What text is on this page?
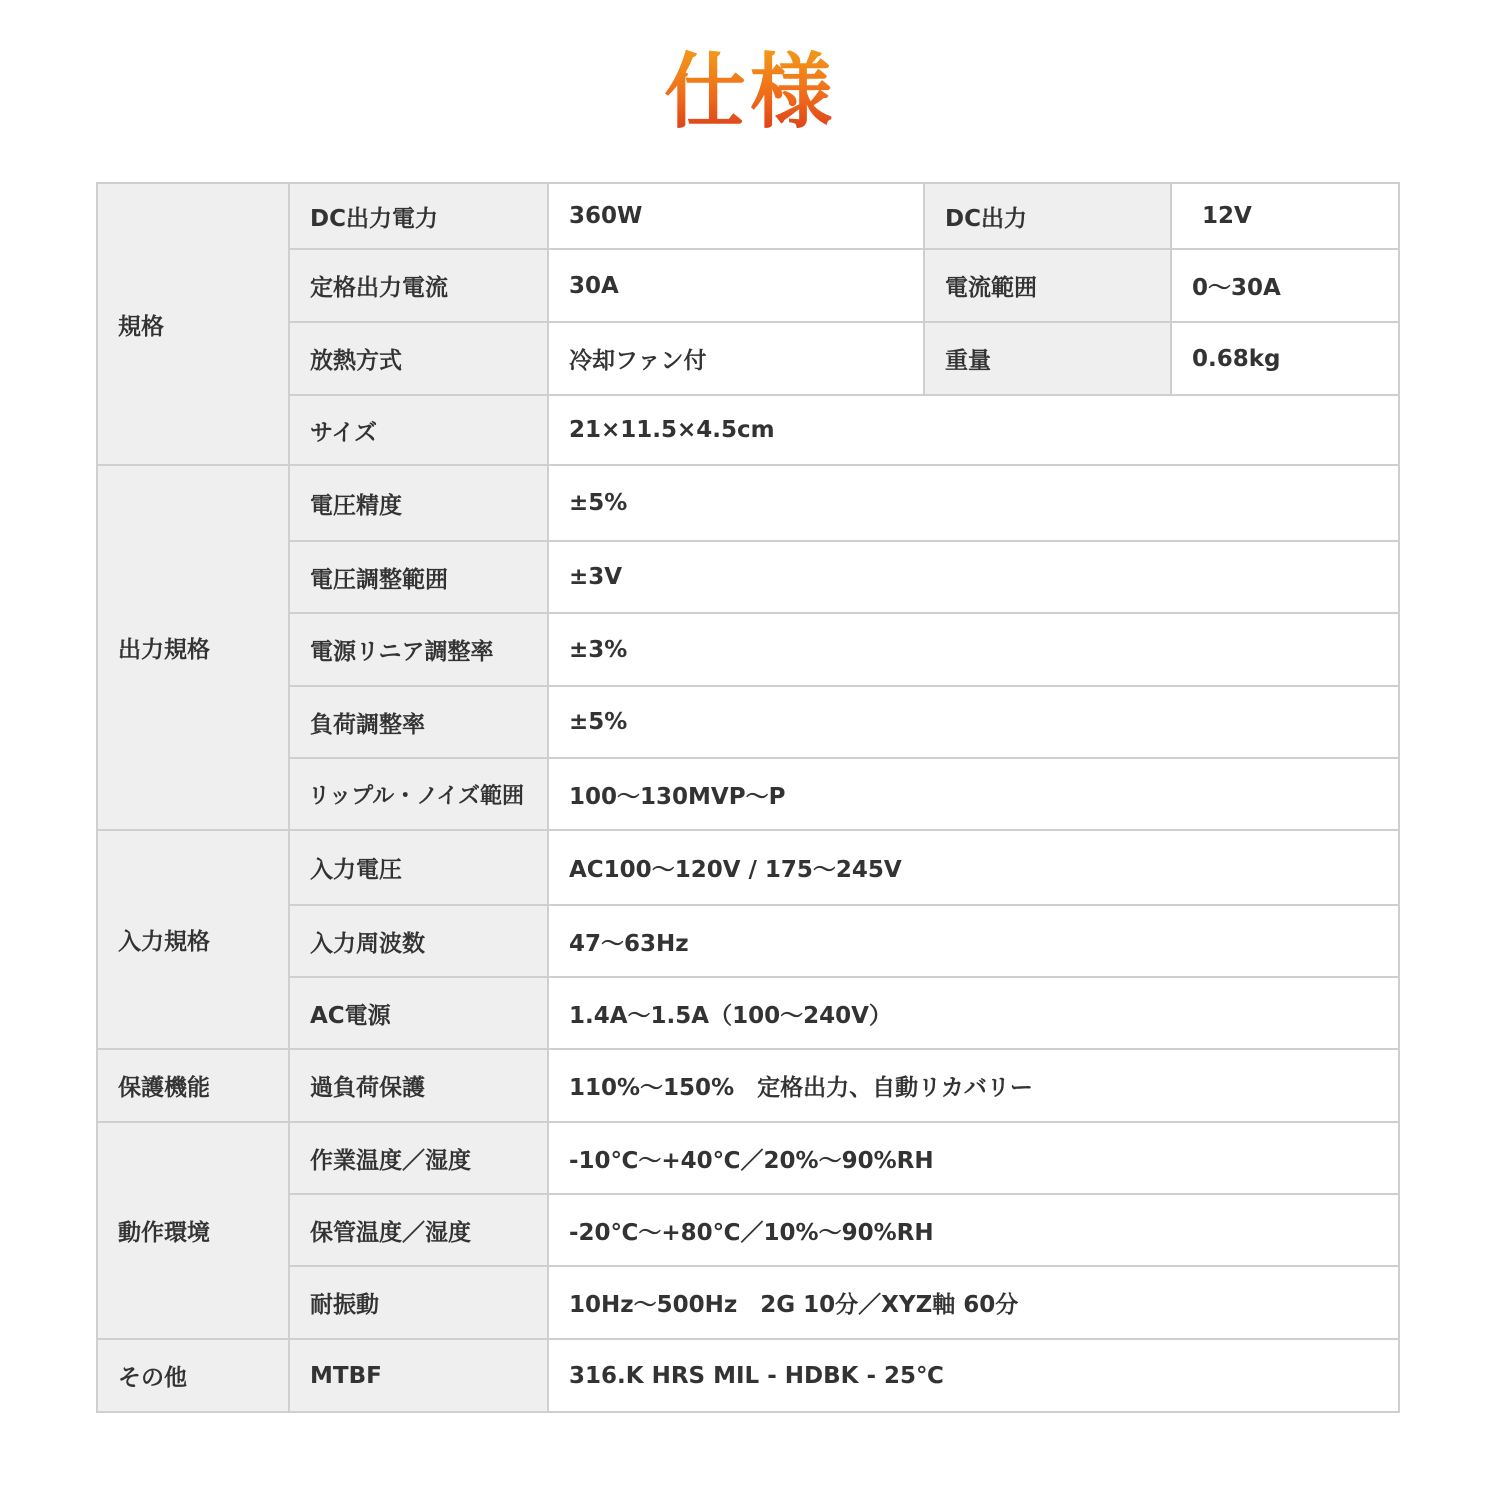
仕様
規格	DC出力電力	360W	DC出力	12V
	定格出力電流	30A	電流範囲	0〜30A
	放熱方式	冷却ファン付	重量	0.68kg
	サイズ	21×11.5×4.5cm		
出力規格	電圧精度	±5%		
	電圧調整範囲	±3V		
	電源リニア調整率	±3%		
	負荷調整率	±5%		
	リップル・ノイズ範囲	100〜130MVP〜P		
入力規格	入力電圧	AC100〜120V / 175〜245V		
	入力周波数	47〜63Hz		
	AC電源	1.4A〜1.5A（100〜240V）		
保護機能	過負荷保護	110%〜150%　定格出力、自動リカバリー		
動作環境	作業温度／湿度	-10℃〜+40℃／20%〜90%RH		
	保管温度／湿度	-20℃〜+80℃／10%〜90%RH		
	耐振動	10Hz〜500Hz　2G 10分／XYZ軸 60分		
その他	MTBF	316.K HRS MIL - HDBK - 25℃		
